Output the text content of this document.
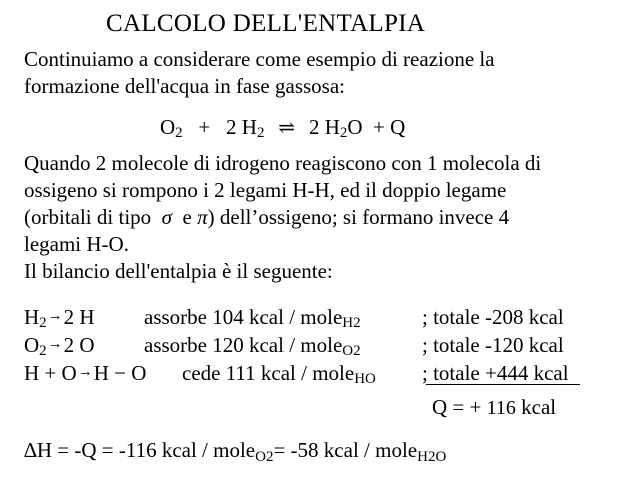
CALCOLO DELL'ENTALPIA
Continuiamo a considerare come esempio di reazione la
formazione dell'acqua in fase gassosa:
$O_2 + 2$ $H_2$ ⇌ 2 $H_2O + Q$
Quando 2 molecole di idrogeno reagiscono con 1 molecola di
ossigeno si rompono i 2 legami H-H, ed il doppio legame
(orbitali di tipo σ e π) dell’ossigeno; si formano invece 4
legami H-O.
Il bilancio dell'entalpia è il seguente:
$H_2\to 2$ H assorbe 104 kcal / mole$_{H2}$	; totale -208 kcal
$O_2\to 2$ O assorbe 120 kcal / mole$_{O2}$	; totale -120 kcal
H + O→H − O cede 111 kcal / mole$_{HO}$ ; totale +444 kcal
Q = + 116 kcal
∆H = -Q = -116 kcal / mole$_{O2}$= -58 kcal / mole$_{H2O}$
